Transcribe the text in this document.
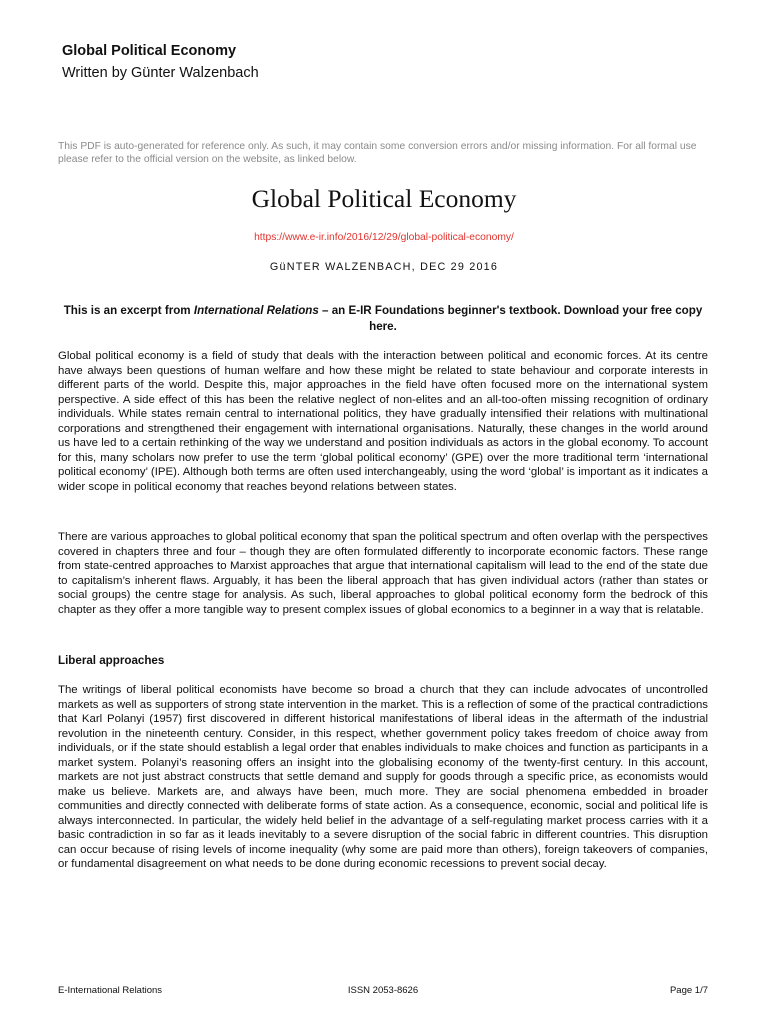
Global Political Economy
Written by Günter Walzenbach
This PDF is auto-generated for reference only. As such, it may contain some conversion errors and/or missing information. For all formal use please refer to the official version on the website, as linked below.
Global Political Economy
https://www.e-ir.info/2016/12/29/global-political-economy/
GüNTER WALZENBACH, DEC 29 2016
This is an excerpt from International Relations – an E-IR Foundations beginner's textbook. Download your free copy here.

Global political economy is a field of study that deals with the interaction between political and economic forces. At its centre have always been questions of human welfare and how these might be related to state behaviour and corporate interests in different parts of the world. Despite this, major approaches in the field have often focused more on the international system perspective. A side effect of this has been the relative neglect of non-elites and an all-too-often missing recognition of ordinary individuals. While states remain central to international politics, they have gradually intensified their relations with multinational corporations and strengthened their engagement with international organisations. Naturally, these changes in the world around us have led to a certain rethinking of the way we understand and position individuals as actors in the global economy. To account for this, many scholars now prefer to use the term ‘global political economy’ (GPE) over the more traditional term ‘international political economy’ (IPE). Although both terms are often used interchangeably, using the word ‘global’ is important as it indicates a wider scope in political economy that reaches beyond relations between states.

There are various approaches to global political economy that span the political spectrum and often overlap with the perspectives covered in chapters three and four – though they are often formulated differently to incorporate economic factors. These range from state-centred approaches to Marxist approaches that argue that international capitalism will lead to the end of the state due to capitalism’s inherent flaws. Arguably, it has been the liberal approach that has given individual actors (rather than states or social groups) the centre stage for analysis. As such, liberal approaches to global political economy form the bedrock of this chapter as they offer a more tangible way to present complex issues of global economics to a beginner in a way that is relatable.

Liberal approaches

The writings of liberal political economists have become so broad a church that they can include advocates of uncontrolled markets as well as supporters of strong state intervention in the market. This is a reflection of some of the practical contradictions that Karl Polanyi (1957) first discovered in different historical manifestations of liberal ideas in the aftermath of the industrial revolution in the nineteenth century. Consider, in this respect, whether government policy takes freedom of choice away from individuals, or if the state should establish a legal order that enables individuals to make choices and function as participants in a market system. Polanyi’s reasoning offers an insight into the globalising economy of the twenty-first century. In this account, markets are not just abstract constructs that settle demand and supply for goods through a specific price, as economists would make us believe. Markets are, and always have been, much more. They are social phenomena embedded in broader communities and directly connected with deliberate forms of state action. As a consequence, economic, social and political life is always interconnected. In particular, the widely held belief in the advantage of a self-regulating market process carries with it a basic contradiction in so far as it leads inevitably to a severe disruption of the social fabric in different countries. This disruption can occur because of rising levels of income inequality (why some are paid more than others), foreign takeovers of companies, or fundamental disagreement on what needs to be done during economic recessions to prevent social decay.

ISSN 2053-8626
E-International Relations	Page 1/7
